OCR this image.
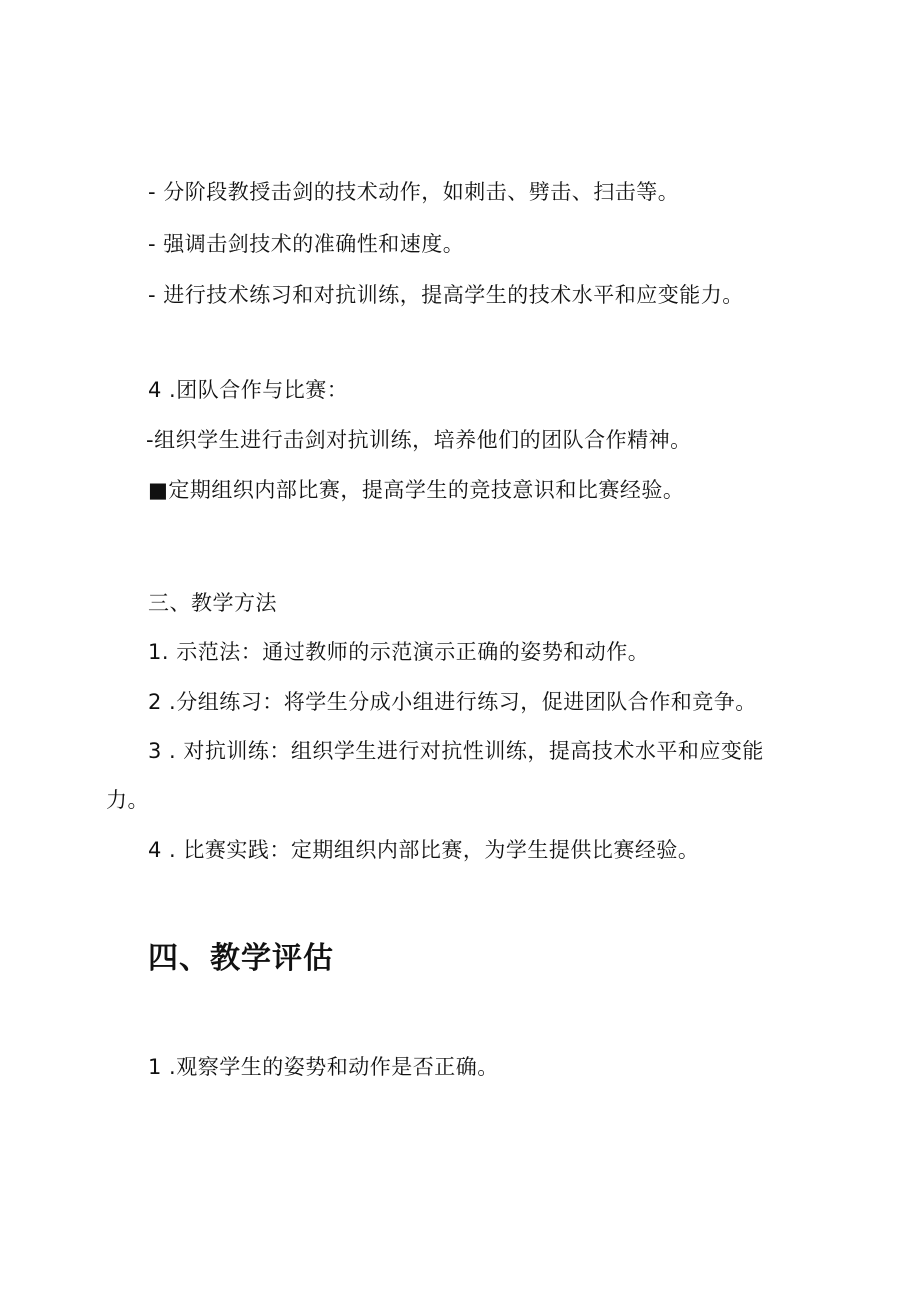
- 分阶段教授击剑的技术动作，如刺击、劈击、扫击等。
- 强调击剑技术的准确性和速度。
- 进行技术练习和对抗训练，提高学生的技术水平和应变能力。
4 .团队合作与比赛：
-组织学生进行击剑对抗训练，培养他们的团队合作精神。
■定期组织内部比赛，提高学生的竞技意识和比赛经验。
三、教学方法
1. 示范法：通过教师的示范演示正确的姿势和动作。
2 .分组练习：将学生分成小组进行练习，促进团队合作和竞争。
3 . 对抗训练：组织学生进行对抗性训练，提高技术水平和应变能
力。
4 . 比赛实践：定期组织内部比赛，为学生提供比赛经验。
四、教学评估
1 .观察学生的姿势和动作是否正确。
